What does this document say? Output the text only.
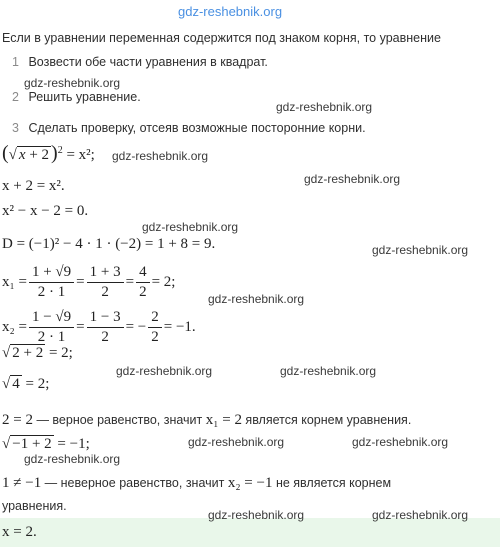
gdz-reshebnik.org
Если в уравнении переменная содержится под знаком корня, то уравнение
1 Возвести обе части уравнения в квадрат.
gdz-reshebnik.org
2 Решить уравнение.
gdz-reshebnik.org
3 Сделать проверку, отсеяв возможные посторонние корни.
(√ x + 2 )$^2$ = x²; gdz-reshebnik.org
gdz-reshebnik.org
x + 2 = x².
x² − x − 2 = 0.
gdz-reshebnik.org
D = (−1)² − 4 · 1 · (−2) = 1 + 8 = 9.	gdz-reshebnik.org
$x_1 = \frac{1 + √9}{2 \cdot 1} = \frac{1 + 3}{2} = \frac{4}{2} = 2$;
gdz-reshebnik.org
$x_2 = \frac{1 - √9}{2 \cdot 1} = \frac{1 - 3}{2}$ = − $\frac{2}{2} = -1$.
√ 2 + 2 = 2;
gdz-reshebnik.org	gdz-reshebnik.org
√ 4 = 2;
2 = 2 — верное равенство, значит x₁ = 2 является корнем уравнения.
gdz-reshebnik.org	gdz-reshebnik.org
√ −1 + 2 = −1;
gdz-reshebnik.org
1 ≠ −1 — неверное равенство, значит x₂ = −1 не является корнем
уравнения.
x = 2.
gdz-reshebnik.org	gdz-reshebnik.org
